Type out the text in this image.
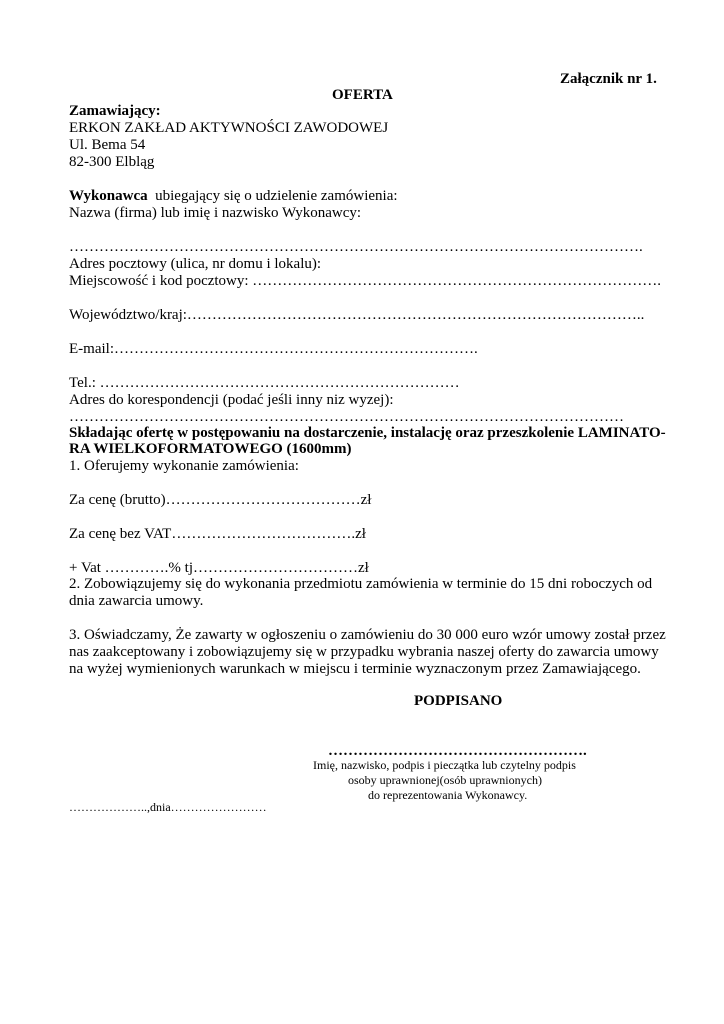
Załącznik nr 1.
OFERTA
Zamawiający:
ERKON ZAKŁAD AKTYWNOŚCI ZAWODOWEJ
Ul. Bema 54
82-300 Elbląg
Wykonawca  ubiegający się o udzielenie zamówienia:
Nazwa (firma) lub imię i nazwisko Wykonawcy:
…………………………………………………………………………………………………….
Adres pocztowy (ulica, nr domu i lokalu):
Miejscowość i kod pocztowy: ……………………………………………………………………….
Województwo/kraj:………………………………………………………………………………..
E-mail:……………………………………………………………….
Tel.: ………………………………………………………………
Adres do korespondencji (podać jeśli inny niz wyzej):
…………………………………………………………………………………………………
Składając ofertę w postępowaniu na dostarczenie, instalację oraz przeszkolenie LAMINATO-
RA WIELKOFORMATOWEGO (1600mm)
1. Oferujemy wykonanie zamówienia:
Za cenę (brutto)…………………………………zł
Za cenę bez VAT……………………………….zł
+ Vat ………….% tj……………………………zł
2. Zobowiązujemy się do wykonania przedmiotu zamówienia w terminie do 15 dni roboczych od
dnia zawarcia umowy.
3. Oświadczamy, Że zawarty w ogłoszeniu o zamówieniu do 30 000 euro wzór umowy został przez
nas zaakceptowany i zobowiązujemy się w przypadku wybrania naszej oferty do zawarcia umowy
na wyżej wymienionych warunkach w miejscu i terminie wyznaczonym przez Zamawiającego.
PODPISANO
…………………………………………….
Imię, nazwisko, podpis i pieczątka lub czytelny podpis
osoby uprawnionej(osób uprawnionych)
do reprezentowania Wykonawcy.
………………..,dnia……………………
